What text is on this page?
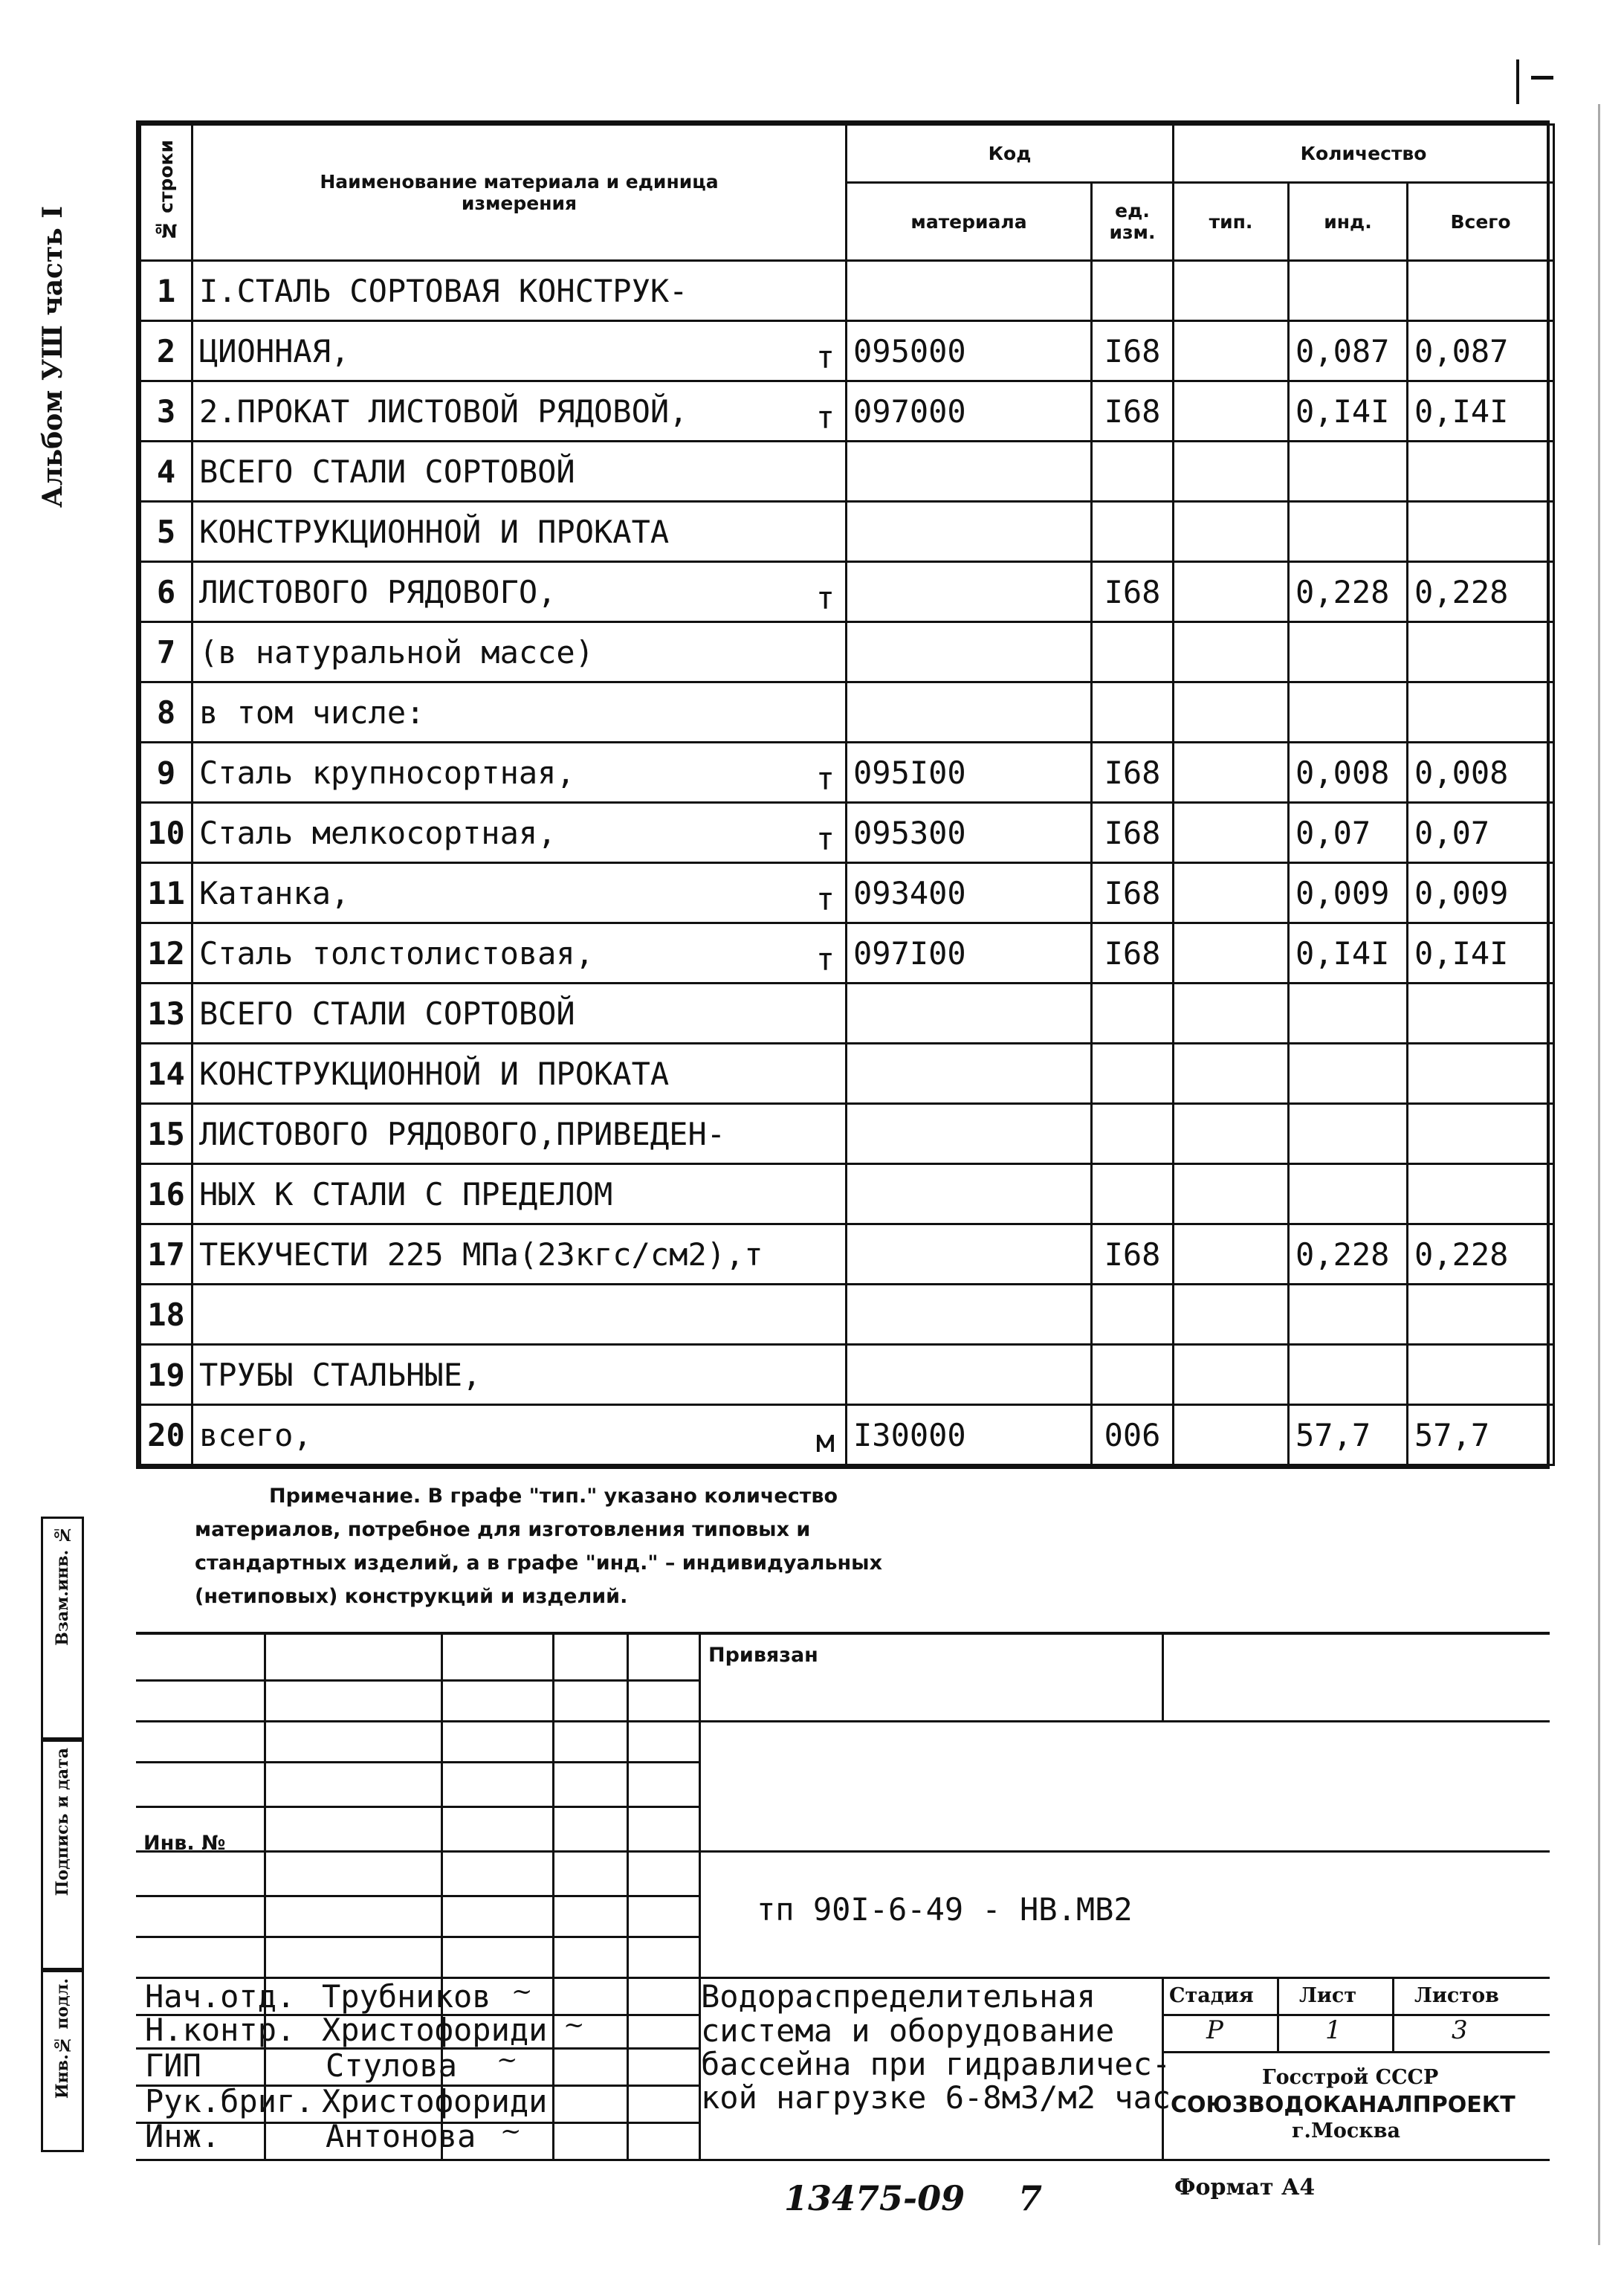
Альбом УШ часть I
Взам.инв. №
Подпись и дата
Инв.№ подл.
№ строки	Наименование материала и единица измерения	Код		Количество		
		материала	ед. изм.	тип.	инд.	Всего
1	I.СТАЛЬ СОРТОВАЯ КОНСТРУК-					
2	ЦИОННАЯ, т	095000	I68		0,087	0,087
3	2.ПРОКАТ ЛИСТОВОЙ РЯДОВОЙ, т	097000	I68		0,I4I	0,I4I
4	ВСЕГО СТАЛИ СОРТОВОЙ					
5	КОНСТРУКЦИОННОЙ И ПРОКАТА					
6	ЛИСТОВОГО РЯДОВОГО, т		I68		0,228	0,228
7	(в натуральной массе)					
8	в том числе:					
9	Сталь крупносортная, т	095I00	I68		0,008	0,008
10	Сталь мелкосортная, т	095300	I68		0,07	0,07
11	Катанка, т	093400	I68		0,009	0,009
12	Сталь толстолистовая, т	097I00	I68		0,I4I	0,I4I
13	ВСЕГО СТАЛИ СОРТОВОЙ					
14	КОНСТРУКЦИОННОЙ И ПРОКАТА					
15	ЛИСТОВОГО РЯДОВОГО,ПРИВЕДЕН-					
16	НЫХ К СТАЛИ С ПРЕДЕЛОМ					
17	ТЕКУЧЕСТИ 225 МПа(23кгс/см2),т		I68		0,228	0,228
18						
19	ТРУБЫ СТАЛЬНЫЕ,					
20	всего, м	I30000	006		57,7	57,7
Примечание. В графе "тип." указано количество
материалов, потребное для изготовления типовых и
стандартных изделий, а в графе "инд." – индивидуальных
(нетиповых) конструкций и изделий.
Привязан
Инв. №
тп 90I-6-49 - НВ.МВ2
Нач.отд. Трубников
Н.контр. Христофориди
ГИП	Стулова
Рук.бриг. Христофориди
Инж.	Антонова
~
~
~
~
Водораспределительная
система и оборудование
бассейна при гидравличес-
кой нагрузке 6-8м3/м2 час
Стадия Лист	Листов
Р	1	3
Госстрой СССР
СОЮЗВОДОКАНАЛПРОЕКТ
г.Москва
13475-09 7	Формат А4
